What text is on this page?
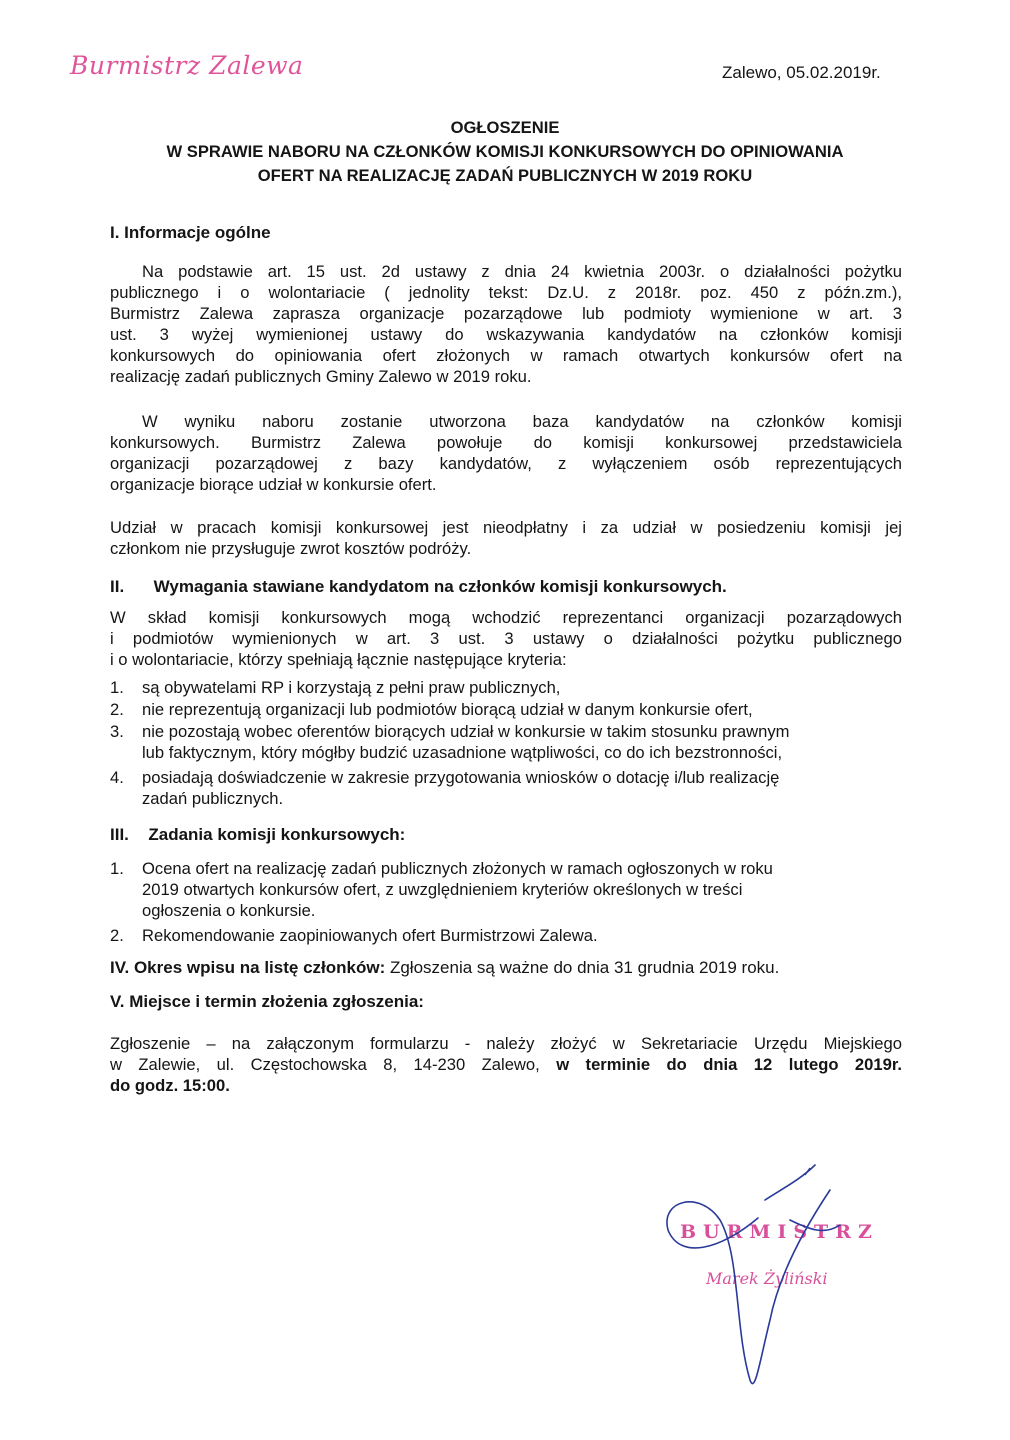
Burmistrz Zalewa	Zalewo, 05.02.2019r.
OGŁOSZENIE
W SPRAWIE NABORU NA CZŁONKÓW KOMISJI KONKURSOWYCH DO OPINIOWANIA
OFERT NA REALIZACJĘ ZADAŃ PUBLICZNYCH W 2019 ROKU
I. Informacje ogólne
Na podstawie art. 15 ust. 2d ustawy z dnia 24 kwietnia 2003r. o działalności pożytku
publicznego i o wolontariacie ( jednolity tekst: Dz.U. z 2018r. poz. 450 z późn.zm.),
Burmistrz Zalewa zaprasza organizacje pozarządowe lub podmioty wymienione w art. 3
ust. 3 wyżej wymienionej ustawy do wskazywania kandydatów na członków komisji
konkursowych do opiniowania ofert złożonych w ramach otwartych konkursów ofert na
realizację zadań publicznych Gminy Zalewo w 2019 roku.
W wyniku naboru zostanie utworzona baza kandydatów na członków komisji
konkursowych. Burmistrz Zalewa powołuje do komisji konkursowej przedstawiciela
organizacji pozarządowej z bazy kandydatów, z wyłączeniem osób reprezentujących
organizacje biorące udział w konkursie ofert.
Udział w pracach komisji konkursowej jest nieodpłatny i za udział w posiedzeniu komisji jej
członkom nie przysługuje zwrot kosztów podróży.
II. Wymagania stawiane kandydatom na członków komisji konkursowych.
W skład komisji konkursowych mogą wchodzić reprezentanci organizacji pozarządowych
i podmiotów wymienionych w art. 3 ust. 3 ustawy o działalności pożytku publicznego
i o wolontariacie, którzy spełniają łącznie następujące kryteria:
1. są obywatelami RP i korzystają z pełni praw publicznych,
2. nie reprezentują organizacji lub podmiotów biorącą udział w danym konkursie ofert,
3. nie pozostają wobec oferentów biorących udział w konkursie w takim stosunku prawnym
lub faktycznym, który mógłby budzić uzasadnione wątpliwości, co do ich bezstronności,
4. posiadają doświadczenie w zakresie przygotowania wniosków o dotację i/lub realizację
zadań publicznych.
III. Zadania komisji konkursowych:
1. Ocena ofert na realizację zadań publicznych złożonych w ramach ogłoszonych w roku
2019 otwartych konkursów ofert, z uwzględnieniem kryteriów określonych w treści
ogłoszenia o konkursie.
2. Rekomendowanie zaopiniowanych ofert Burmistrzowi Zalewa.
IV. Okres wpisu na listę członków: Zgłoszenia są ważne do dnia 31 grudnia 2019 roku.
V. Miejsce i termin złożenia zgłoszenia:
Zgłoszenie – na załączonym formularzu - należy złożyć w Sekretariacie Urzędu Miejskiego
w Zalewie, ul. Częstochowska 8, 14-230 Zalewo, w terminie do dnia 12 lutego 2019r.
do godz. 15:00.
BURMISTRZ
Marek Żyliński
